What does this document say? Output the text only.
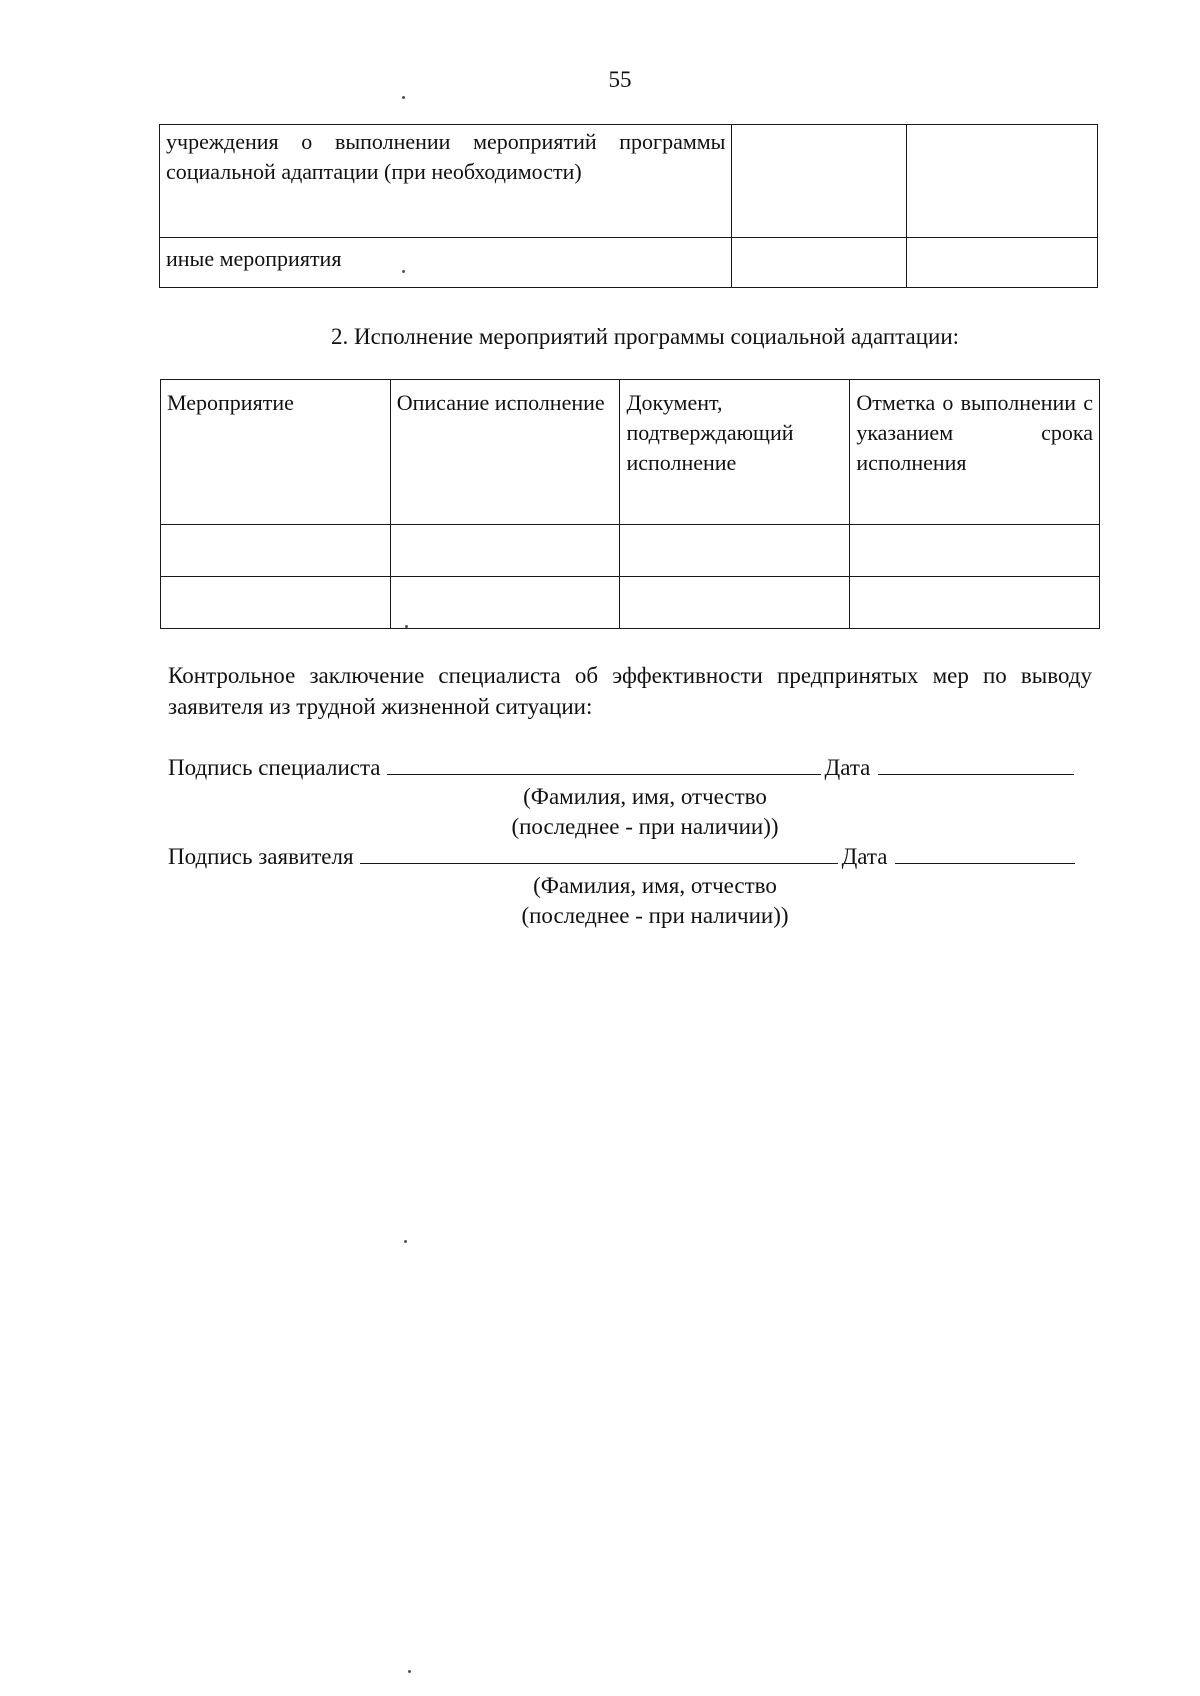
55
учреждения о выполнении мероприятий программы социальной адаптации (при необходимости)		
иные мероприятия		
2. Исполнение мероприятий программы социальной адаптации:
Мероприятие	Описание исполнение	Документ, подтверждающий исполнение	Отметка о выполнении с указанием срока исполнения

Контрольное заключение специалиста об эффективности предпринятых мер по выводу заявителя из трудной жизненной ситуации:
Подпись специалиста	Дата
(Фамилия, имя, отчество
(последнее - при наличии))
Подпись заявителя	Дата
(Фамилия, имя, отчество
(последнее - при наличии))
